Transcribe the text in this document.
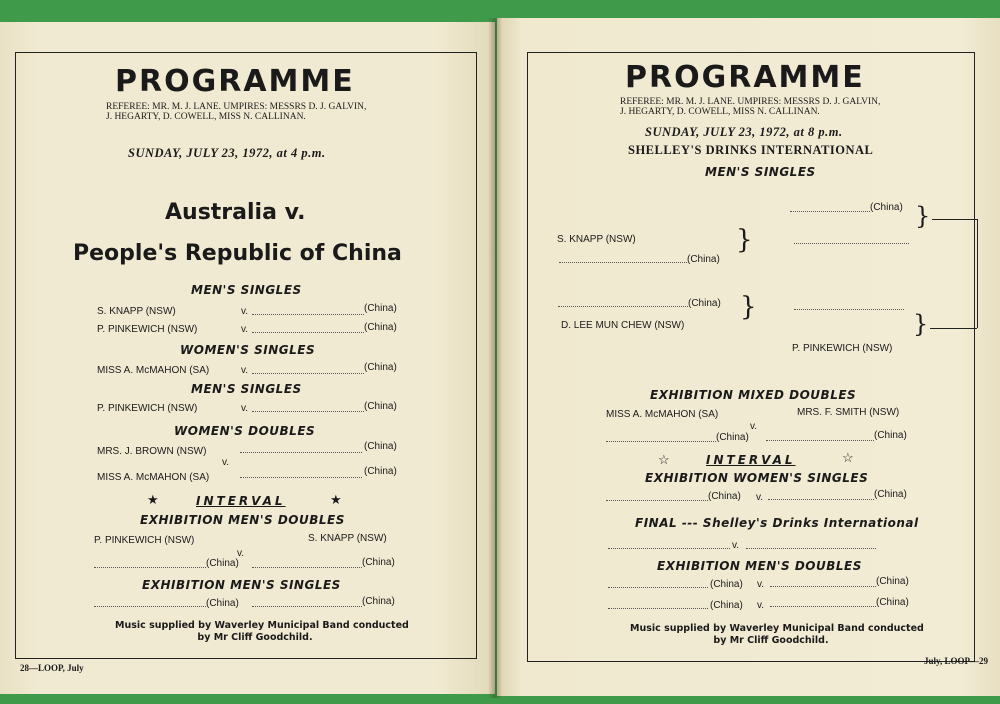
PROGRAMME
REFEREE: MR. M. J. LANE. UMPIRES: MESSRS D. J. GALVIN,
J. HEGARTY, D. COWELL, MISS N. CALLINAN.
SUNDAY, JULY 23, 1972, at 4 p.m.
Australia v.
People's Republic of China
MEN'S SINGLES
S. KNAPP (NSW)	v.	(China)
P. PINKEWICH (NSW)	v.	(China)
WOMEN'S SINGLES
MISS A. McMAHON (SA)	v.	(China)
MEN'S SINGLES
P. PINKEWICH (NSW)	v.	(China)
WOMEN'S DOUBLES
MRS. J. BROWN (NSW)	(China)
v.
MISS A. McMAHON (SA)
(China)
★	INTERVAL	★
EXHIBITION MEN'S DOUBLES
P. PINKEWICH (NSW)	S. KNAPP (NSW)
v.
(China)	(China)
EXHIBITION MEN'S SINGLES
(China)	(China)
Music supplied by Waverley Municipal Band conducted
by Mr Cliff Goodchild.
28—LOOP, July
PROGRAMME
REFEREE: MR. M. J. LANE. UMPIRES: MESSRS D. J. GALVIN,
J. HEGARTY, D. COWELL, MISS N. CALLINAN.
SUNDAY, JULY 23, 1972, at 8 p.m.
SHELLEY'S DRINKS INTERNATIONAL
MEN'S SINGLES
(China) }
S. KNAPP (NSW)	}
(China)
(China) }
D. LEE MUN CHEW (NSW)	}
P. PINKEWICH (NSW)
EXHIBITION MIXED DOUBLES
MISS A. McMAHON (SA)	MRS. F. SMITH (NSW)
v.
(China)	(China)
☆	INTERVAL	☆
EXHIBITION WOMEN'S SINGLES
(China) v.	(China)
FINAL --- Shelley's Drinks International
v.
EXHIBITION MEN'S DOUBLES
(China) v.	(China)
(China) v.	(China)
Music supplied by Waverley Municipal Band conducted
by Mr Cliff Goodchild.
July, LOOP—29
